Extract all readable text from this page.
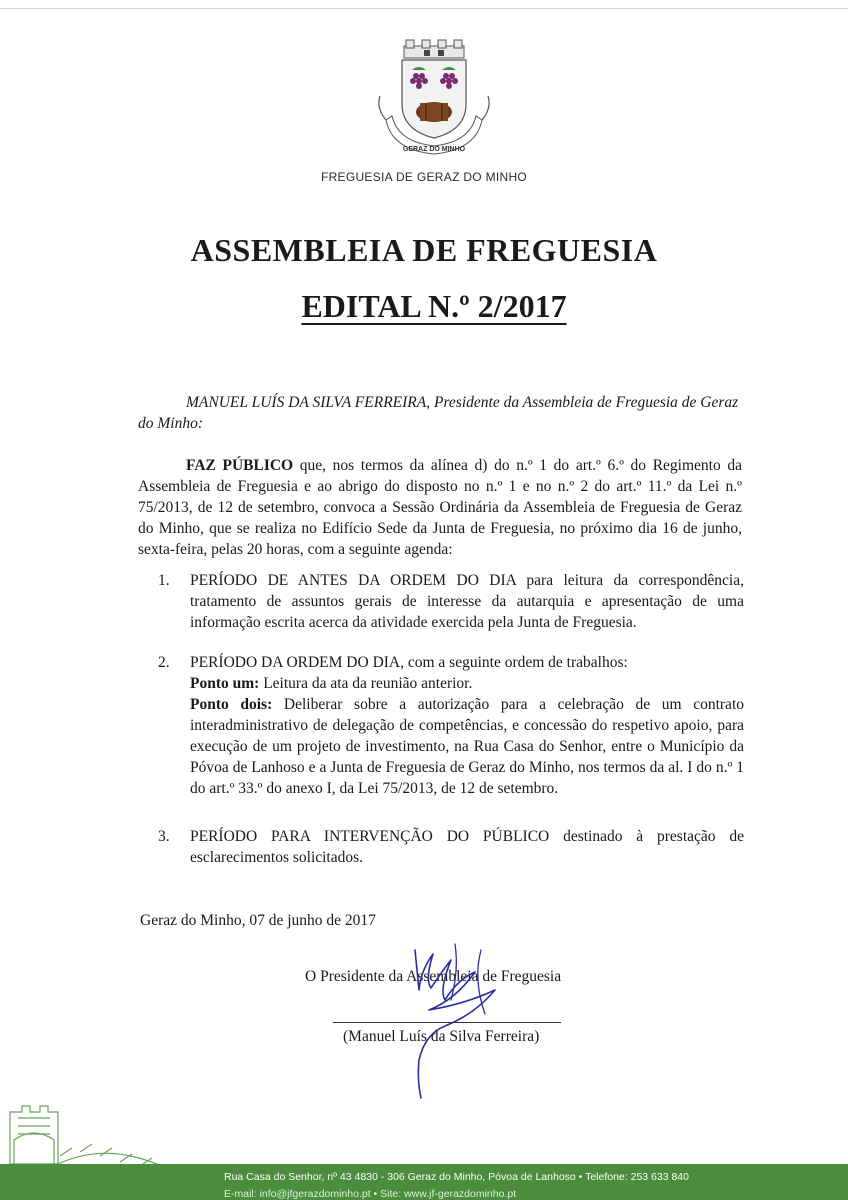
GERAZ DO MINHO
FREGUESIA DE GERAZ DO MINHO
ASSEMBLEIA DE FREGUESIA
EDITAL N.º 2/2017
MANUEL LUÍS DA SILVA FERREIRA, Presidente da Assembleia de Freguesia de Geraz do Minho:
FAZ PÚBLICO que, nos termos da alínea d) do n.º 1 do art.º 6.º do Regimento da Assembleia de Freguesia e ao abrigo do disposto no n.º 1 e no n.º 2 do art.º 11.º da Lei n.º 75/2013, de 12 de setembro, convoca a Sessão Ordinária da Assembleia de Freguesia de Geraz do Minho, que se realiza no Edifício Sede da Junta de Freguesia, no próximo dia 16 de junho, sexta-feira, pelas 20 horas, com a seguinte agenda:
1. PERÍODO DE ANTES DA ORDEM DO DIA para leitura da correspondência, tratamento de assuntos gerais de interesse da autarquia e apresentação de uma informação escrita acerca da atividade exercida pela Junta de Freguesia.
2. PERÍODO DA ORDEM DO DIA, com a seguinte ordem de trabalhos:
Ponto um: Leitura da ata da reunião anterior.
Ponto dois: Deliberar sobre a autorização para a celebração de um contrato interadministrativo de delegação de competências, e concessão do respetivo apoio, para execução de um projeto de investimento, na Rua Casa do Senhor, entre o Município da Póvoa de Lanhoso e a Junta de Freguesia de Geraz do Minho, nos termos da al. I do n.º 1 do art.º 33.º do anexo I, da Lei 75/2013, de 12 de setembro.
3. PERÍODO PARA INTERVENÇÃO DO PÚBLICO destinado à prestação de esclarecimentos solicitados.
Geraz do Minho, 07 de junho de 2017
O Presidente da Assembleia de Freguesia
(Manuel Luís da Silva Ferreira)
Rua Casa do Senhor, nº 43 4830 - 306 Geraz do Minho, Póvoa de Lanhoso • Telefone: 253 633 840
E-mail: info@jfgerazdominho.pt • Site: www.jf-gerazdominho.pt
